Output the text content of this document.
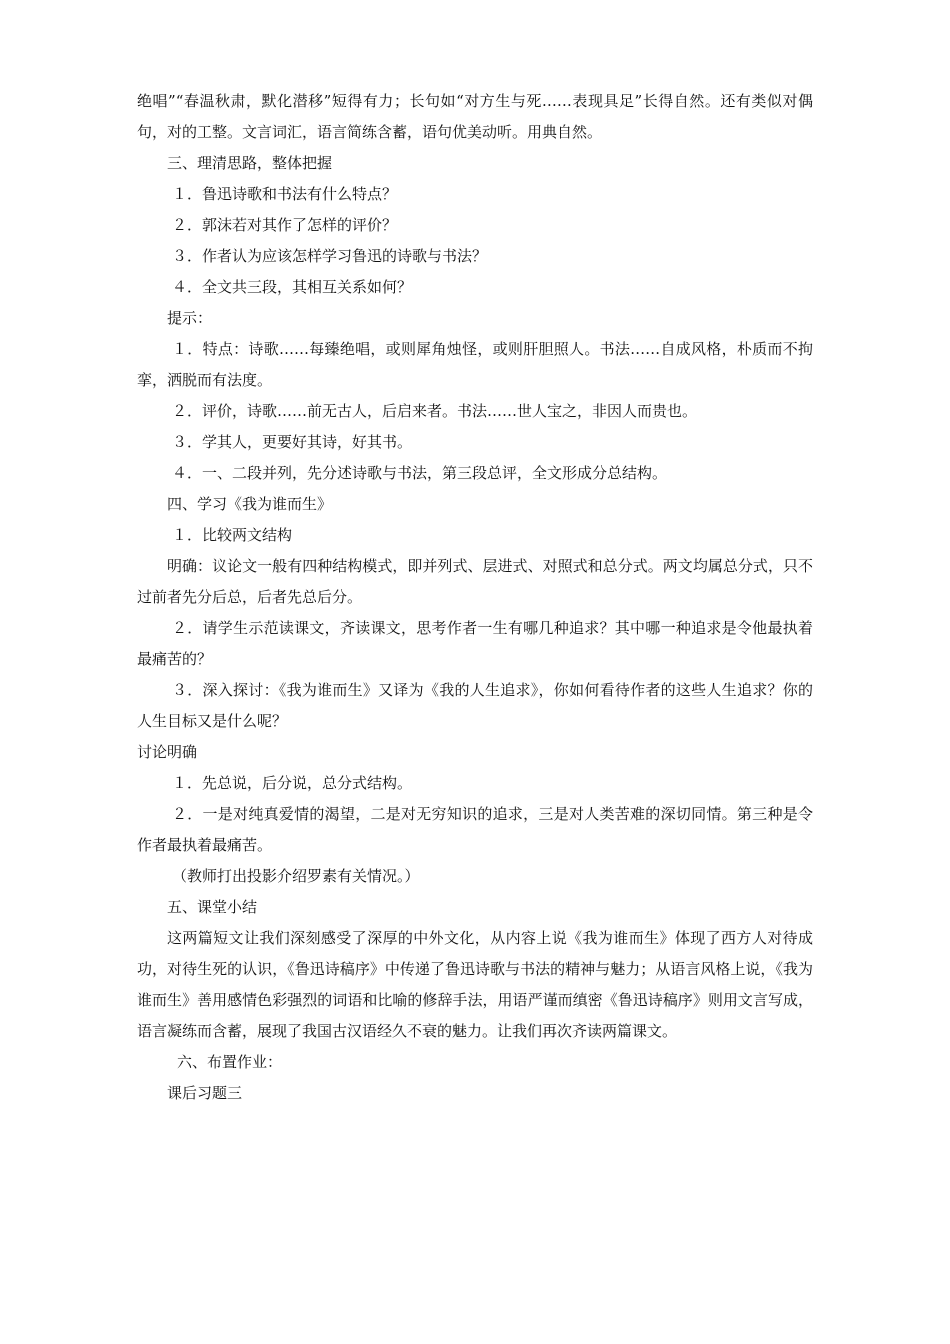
绝唱”“春温秋肃，默化潜移”短得有力；长句如“对方生与死……表现具足”长得自然。还有类似对偶句，对的工整。文言词汇，语言简练含蓄，语句优美动听。用典自然。

三、理清思路，整体把握

１．鲁迅诗歌和书法有什么特点？

２．郭沫若对其作了怎样的评价？

３．作者认为应该怎样学习鲁迅的诗歌与书法？

４．全文共三段，其相互关系如何？

提示：

１．特点：诗歌……每臻绝唱，或则犀角烛怪，或则肝胆照人。书法……自成风格，朴质而不拘挛，洒脱而有法度。

２．评价，诗歌……前无古人，后启来者。书法……世人宝之，非因人而贵也。

３．学其人，更要好其诗，好其书。

４．一、二段并列，先分述诗歌与书法，第三段总评，全文形成分总结构。

四、学习《我为谁而生》

１．比较两文结构

明确：议论文一般有四种结构模式，即并列式、层进式、对照式和总分式。两文均属总分式，只不过前者先分后总，后者先总后分。

２．请学生示范读课文，齐读课文，思考作者一生有哪几种追求？其中哪一种追求是令他最执着最痛苦的？

３．深入探讨：《我为谁而生》又译为《我的人生追求》，你如何看待作者的这些人生追求？你的人生目标又是什么呢？

讨论明确

１．先总说，后分说，总分式结构。

２．一是对纯真爱情的渴望，二是对无穷知识的追求，三是对人类苦难的深切同情。第三种是令作者最执着最痛苦。

（教师打出投影介绍罗素有关情况。）

五、课堂小结

这两篇短文让我们深刻感受了深厚的中外文化，从内容上说《我为谁而生》体现了西方人对待成功，对待生死的认识，《鲁迅诗稿序》中传递了鲁迅诗歌与书法的精神与魅力；从语言风格上说，《我为谁而生》善用感情色彩强烈的词语和比喻的修辞手法，用语严谨而缜密《鲁迅诗稿序》则用文言写成，语言凝练而含蓄，展现了我国古汉语经久不衰的魅力。让我们再次齐读两篇课文。

六、布置作业：

课后习题三
